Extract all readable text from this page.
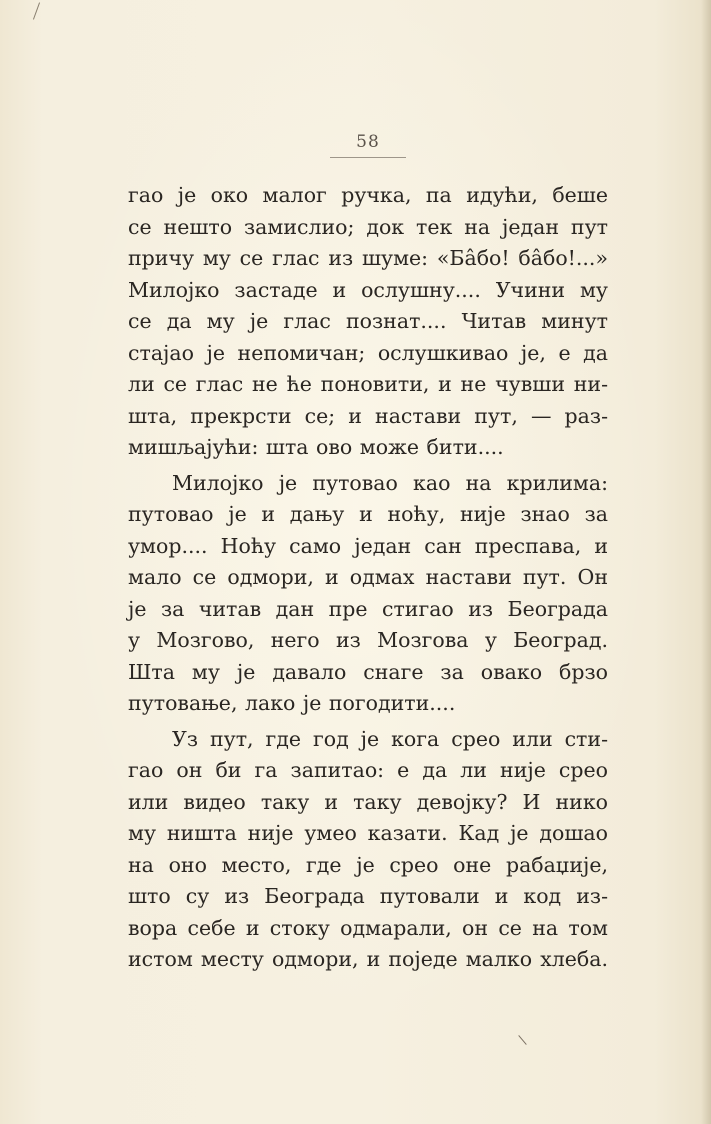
58
гао је око малог ручка, па идући, беше
се нешто замислио; док тек на један пут
причу му се глас из шуме: «Бâбо! бâбо!...»
Милојко застаде и ослушну.... Учини му
се да му је глас познат.... Читав минут
стајао је непомичан; ослушкивао је, е да
ли се глас не ће поновити, и не чувши ни-
шта, прекрсти се; и настави пут, — раз-
мишљајући: шта ово може бити....
Милојко је путовао као на крилима:
путовао је и дању и ноћу, није знао за
умор.... Ноћу само један сан преспава, и
мало се одмори, и одмах настави пут. Он
је за читав дан пре стигао из Београда
у Мозгово, него из Мозгова у Београд.
Шта му је давало снаге за овако брзо
путовање, лако је погодити....
Уз пут, где год је кога срео или сти-
гао он би га запитао: е да ли није срео
или видео таку и таку девојку? И нико
му ништа није умео казати. Кад је дошао
на оно место, где је срео оне рабаџије,
што су из Београда путовали и код из-
вора себе и стоку одмарали, он се на том
истом месту одмори, и поједе малко хлеба.
